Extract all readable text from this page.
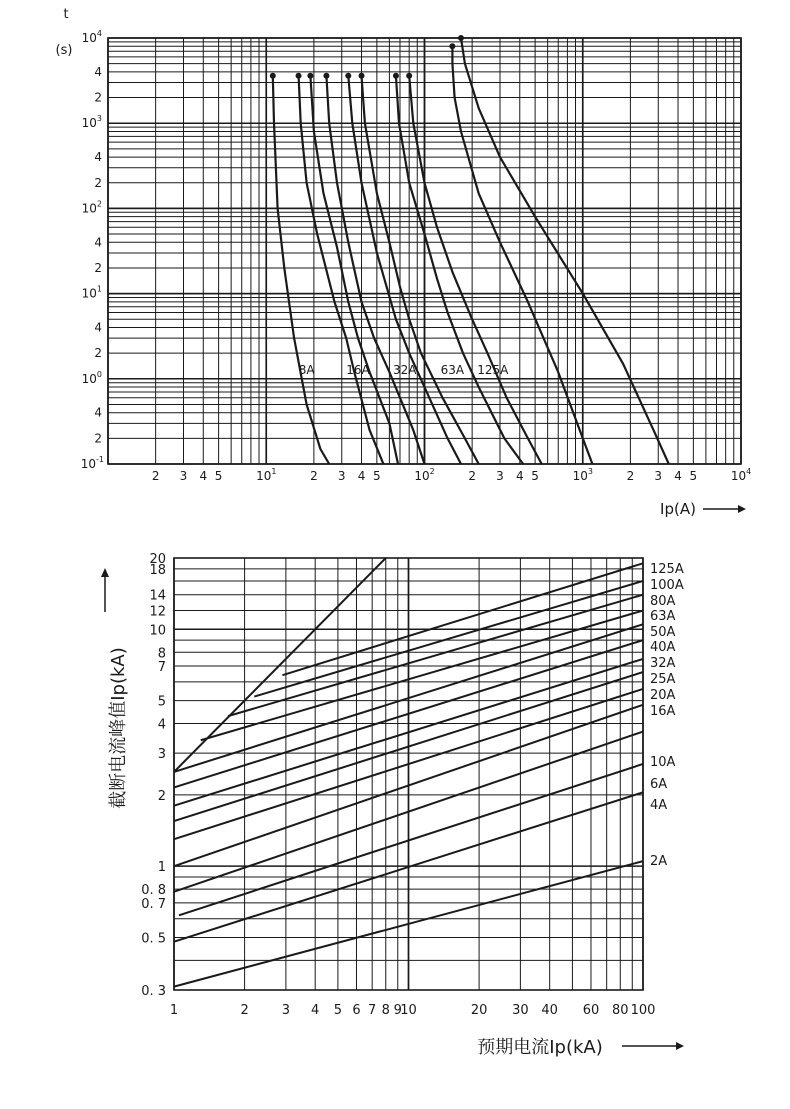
2 3 4 5	$10^1$	2 3 4 5	$10^2$	2 3 4 5	$10^3$	2 3 4 5	$10^4$
$10^{-1}$
2
4
$10^0$
2
4
$10^1$
2
4
$10^2$
2
4
$10^3$
2
4
$10^4$
t
(s)
8A	16A 32A 63A 125A
Ip(A)
1	2	3 4 5 6 7 8 9
10	20 30 40 60 80 100
20
18
14
12
10
8
7
5
4
3
2
1
0. 8
0. 7
0. 5
0. 3
125A
100A
80A
63A
50A
40A
32A
25A
20A
16A
10A
6A
4A
2A
截断电流峰值Ip(kA)
预期电流Ip(kA)
